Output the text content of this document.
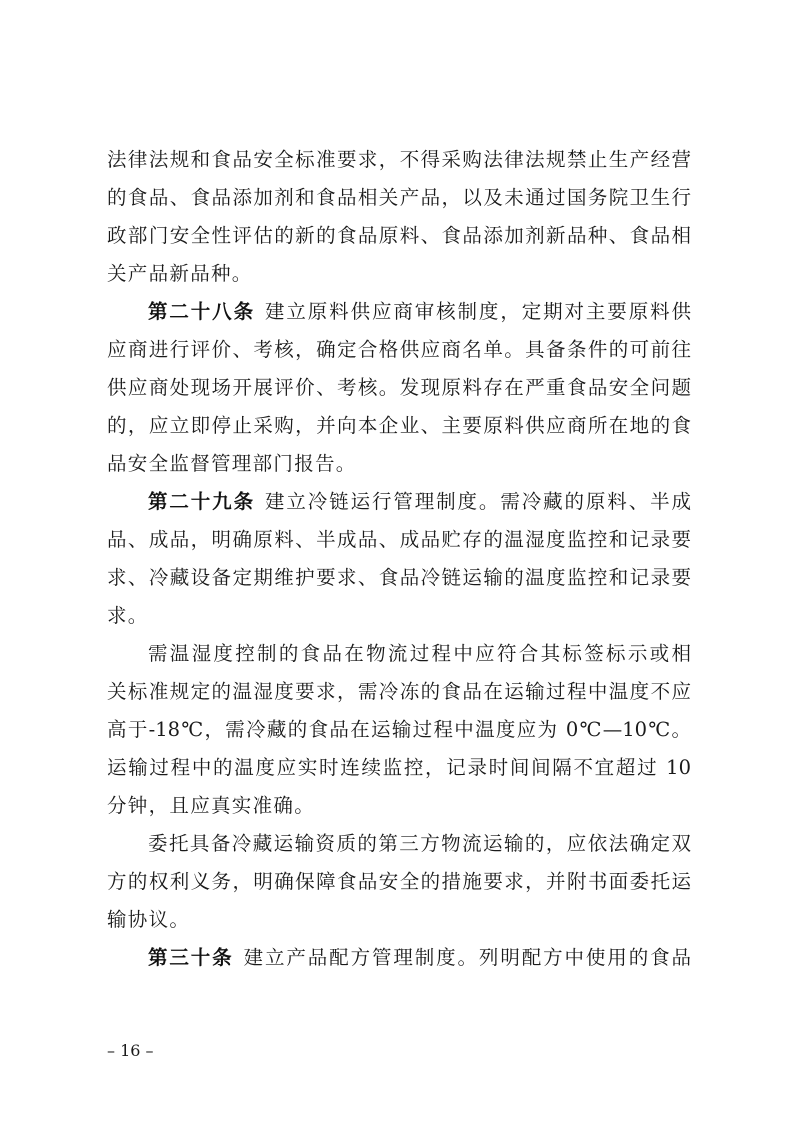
法律法规和食品安全标准要求，不得采购法律法规禁止生产经营
的食品、食品添加剂和食品相关产品，以及未通过国务院卫生行
政部门安全性评估的新的食品原料、食品添加剂新品种、食品相
关产品新品种。
第二十八条 建立原料供应商审核制度，定期对主要原料供
应商进行评价、考核，确定合格供应商名单。具备条件的可前往
供应商处现场开展评价、考核。发现原料存在严重食品安全问题
的，应立即停止采购，并向本企业、主要原料供应商所在地的食
品安全监督管理部门报告。
第二十九条 建立冷链运行管理制度。需冷藏的原料、半成
品、成品，明确原料、半成品、成品贮存的温湿度监控和记录要
求、冷藏设备定期维护要求、食品冷链运输的温度监控和记录要
求。
需温湿度控制的食品在物流过程中应符合其标签标示或相
关标准规定的温湿度要求，需冷冻的食品在运输过程中温度不应
高于-18℃，需冷藏的食品在运输过程中温度应为 0℃—10℃。
运输过程中的温度应实时连续监控，记录时间间隔不宜超过 10
分钟，且应真实准确。
委托具备冷藏运输资质的第三方物流运输的，应依法确定双
方的权利义务，明确保障食品安全的措施要求，并附书面委托运
输协议。
第三十条 建立产品配方管理制度。列明配方中使用的食品
– 16 –
